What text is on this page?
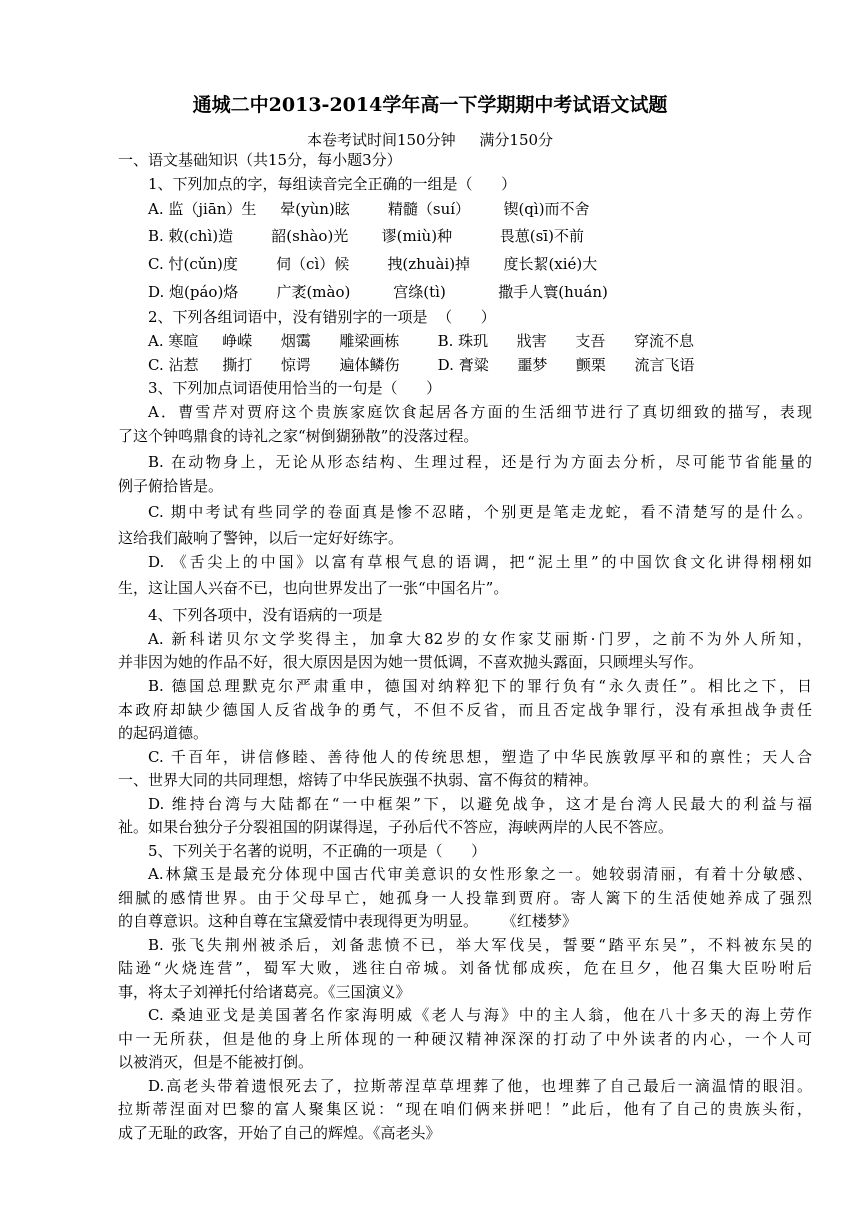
通城二中2013-2014学年高一下学期期中考试语文试题
本卷考试时间150分钟     满分150分
一、语文基础知识（共15分，每小题3分）
1、下列加点的字，每组读音完全正确的一组是（      ）
A. 监（jiān）生     晕(yùn)眩        精髓（suí）       锲(qì)而不舍
B. 敕(chì)造        韶(shào)光       谬(miù)种          畏葸(sī)不前
C. 忖(cǔn)度        伺（cì）候        拽(zhuài)掉       度长絜(xié)大
D. 炮(páo)烙        广袤(mào)         宫绦(tì)           撒手人寰(huán)
2、下列各组词语中，没有错别字的一项是  （      ）
A. 寒暄     峥嵘      烟霭      雕梁画栋        B. 珠玑      戕害      支吾      穿流不息
C. 沾惹     撕打      惊谔      遍体鳞伤        D. 膏粱      噩梦      颤栗      流言飞语
3、下列加点词语使用恰当的一句是（      ）
A．曹雪芹对贾府这个贵族家庭饮食起居各方面的生活细节进行了真切细致的描写，表现
了这个钟鸣鼎食的诗礼之家“树倒猢狲散”的没落过程。
B. 在动物身上，无论从形态结构、生理过程，还是行为方面去分析，尽可能节省能量的
例子俯拾皆是。
C. 期中考试有些同学的卷面真是惨不忍睹，个别更是笔走龙蛇，看不清楚写的是什么。
这给我们敲响了警钟，以后一定好好练字。
D. 《舌尖上的中国》以富有草根气息的语调，把“泥土里”的中国饮食文化讲得栩栩如
生，这让国人兴奋不已，也向世界发出了一张“中国名片”。
4、下列各项中，没有语病的一项是
A. 新科诺贝尔文学奖得主，加拿大82岁的女作家艾丽斯·门罗，之前不为外人所知，
并非因为她的作品不好，很大原因是因为她一贯低调，不喜欢抛头露面，只顾埋头写作。
B. 德国总理默克尔严肃重申，德国对纳粹犯下的罪行负有“永久责任”。相比之下，日
本政府却缺少德国人反省战争的勇气，不但不反省，而且否定战争罪行，没有承担战争责任
的起码道德。
C. 千百年，讲信修睦、善待他人的传统思想，塑造了中华民族敦厚平和的禀性；天人合
一、世界大同的共同理想，熔铸了中华民族强不执弱、富不侮贫的精神。
D. 维持台湾与大陆都在“一中框架”下，以避免战争，这才是台湾人民最大的利益与福
祉。如果台独分子分裂祖国的阴谋得逞，子孙后代不答应，海峡两岸的人民不答应。
5、下列关于名著的说明，不正确的一项是（      ）
A.林黛玉是最充分体现中国古代审美意识的女性形象之一。她较弱清丽，有着十分敏感、
细腻的感情世界。由于父母早亡，她孤身一人投靠到贾府。寄人篱下的生活使她养成了强烈
的自尊意识。这种自尊在宝黛爱情中表现得更为明显。     《红楼梦》
B. 张飞失荆州被杀后，刘备悲愤不已，举大军伐吴，誓要“踏平东吴”，不料被东吴的
陆逊“火烧连营”，蜀军大败，逃往白帝城。刘备忧郁成疾，危在旦夕，他召集大臣吩咐后
事，将太子刘禅托付给诸葛亮。《三国演义》
C. 桑迪亚戈是美国著名作家海明威《老人与海》中的主人翁，他在八十多天的海上劳作
中一无所获，但是他的身上所体现的一种硬汉精神深深的打动了中外读者的内心，一个人可
以被消灭，但是不能被打倒。
D.高老头带着遗恨死去了，拉斯蒂涅草草埋葬了他，也埋葬了自己最后一滴温情的眼泪。
拉斯蒂涅面对巴黎的富人聚集区说：“现在咱们俩来拼吧！”此后，他有了自己的贵族头衔，
成了无耻的政客，开始了自己的辉煌。《高老头》
